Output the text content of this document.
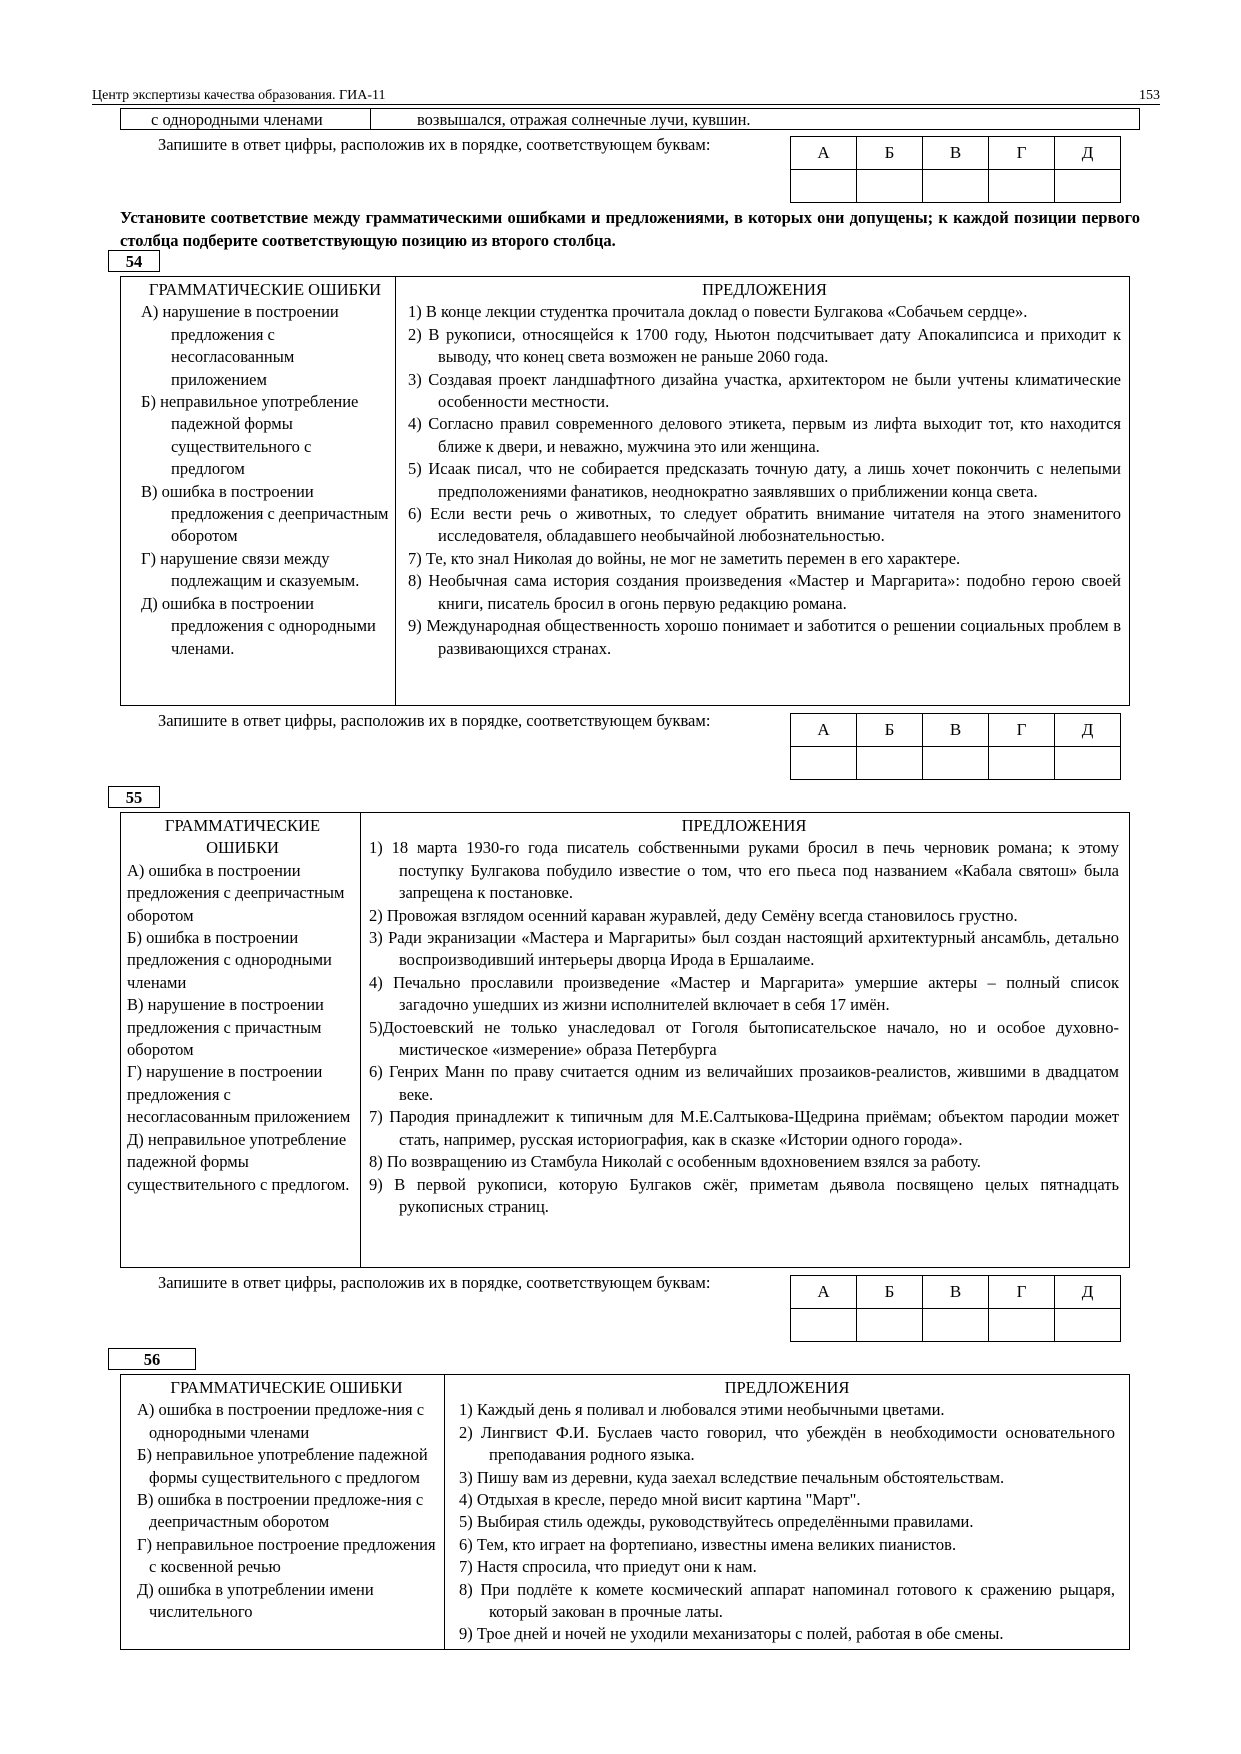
Центр экспертизы качества образования. ГИА-11	153
с однородными членами	возвышался, отражая солнечные лучи, кувшин.
Запишите в ответ цифры, расположив их в порядке, соответствующем буквам:	А	Б	В	Г	Д

Установите соответствие между грамматическими ошибками и предложениями, в которых они допущены; к каждой позиции первого столбца подберите соответствующую позицию из второго столбца.
54
ГРАММАТИЧЕСКИЕ ОШИБКИ
А) нарушение в построении предложения с несогласованным приложением
Б) неправильное употребление падежной формы существительного с предлогом
В) ошибка в построении предложения с деепричастным оборотом
Г) нарушение связи между подлежащим и сказуемым.
Д) ошибка в построении предложения с однородными членами.
ПРЕДЛОЖЕНИЯ
1) В конце лекции студентка прочитала доклад о повести Булгакова «Собачьем сердце».
2) В рукописи, относящейся к 1700 году, Ньютон подсчитывает дату Апокалипсиса и приходит к выводу, что конец света возможен не раньше 2060 года.
3) Создавая проект ландшафтного дизайна участка, архитектором не были учтены климатические особенности местности.
4) Согласно правил современного делового этикета, первым из лифта выходит тот, кто находится ближе к двери, и неважно, мужчина это или женщина.
5) Исаак писал, что не собирается предсказать точную дату, а лишь хочет покончить с нелепыми предположениями фанатиков, неоднократно заявлявших о приближении конца света.
6) Если вести речь о животных, то следует обратить внимание читателя на этого знаменитого исследователя, обладавшего необычайной любознательностью.
7) Те, кто знал Николая до войны, не мог не заметить перемен в его характере.
8) Необычная сама история создания произведения «Мастер и Маргарита»: подобно герою своей книги, писатель бросил в огонь первую редакцию романа.
9) Международная общественность хорошо понимает и заботится о решении социальных проблем в развивающихся странах.
Запишите в ответ цифры, расположив их в порядке, соответствующем буквам:	А	Б	В	Г	Д

55
ГРАММАТИЧЕСКИЕ ОШИБКИ
А) ошибка в построении предложения с деепричастным оборотом
Б) ошибка в построении предложения с однородными членами
В) нарушение в построении предложения с причастным оборотом
Г) нарушение в построении предложения с несогласованным приложением
Д) неправильное употребление падежной формы существительного с предлогом.
ПРЕДЛОЖЕНИЯ
1) 18 марта 1930-го года писатель собственными руками бросил в печь черновик романа; к этому поступку Булгакова побудило известие о том, что его пьеса под названием «Кабала святош» была запрещена к постановке.
2) Провожая взглядом осенний караван журавлей, деду Семёну всегда становилось грустно.
3) Ради экранизации «Мастера и Маргариты» был создан настоящий архитектурный ансамбль, детально воспроизводивший интерьеры дворца Ирода в Ершалаиме.
4) Печально прославили произведение «Мастер и Маргарита» умершие актеры – полный список загадочно ушедших из жизни исполнителей включает в себя 17 имён.
5)Достоевский не только унаследовал от Гоголя бытописательское начало, но и особое духовно-мистическое «измерение» образа Петербурга
6) Генрих Манн по праву считается одним из величайших прозаиков-реалистов, жившими в двадцатом веке.
7) Пародия принадлежит к типичным для М.Е.Салтыкова-Щедрина приёмам; объектом пародии может стать, например, русская историография, как в сказке «Истории одного города».
8) По возвращению из Стамбула Николай с особенным вдохновением взялся за работу.
9) В первой рукописи, которую Булгаков сжёг, приметам дьявола посвящено целых пятнадцать рукописных страниц.
Запишите в ответ цифры, расположив их в порядке, соответствующем буквам:	А	Б	В	Г	Д

56
ГРАММАТИЧЕСКИЕ ОШИБКИ
А) ошибка в построении предложе-ния с однородными членами
Б) неправильное употребление падежной формы существительного с предлогом
В) ошибка в построении предложе-ния с деепричастным оборотом
Г) неправильное построение предложения с косвенной речью
Д) ошибка в употреблении имени числительного
ПРЕДЛОЖЕНИЯ
1) Каждый день я поливал и любовался этими необычными цветами.
2) Лингвист Ф.И. Буслаев часто говорил, что убеждён в необходимости основательного преподавания родного языка.
3) Пишу вам из деревни, куда заехал вследствие печальным обстоятельствам.
4) Отдыхая в кресле, передо мной висит картина "Март".
5) Выбирая стиль одежды, руководствуйтесь определёнными правилами.
6) Тем, кто играет на фортепиано, известны имена великих пианистов.
7) Настя спросила, что приедут они к нам.
8) При подлёте к комете космический аппарат напоминал готового к сражению рыцаря, который закован в прочные латы.
9) Трое дней и ночей не уходили механизаторы с полей, работая в обе смены.
